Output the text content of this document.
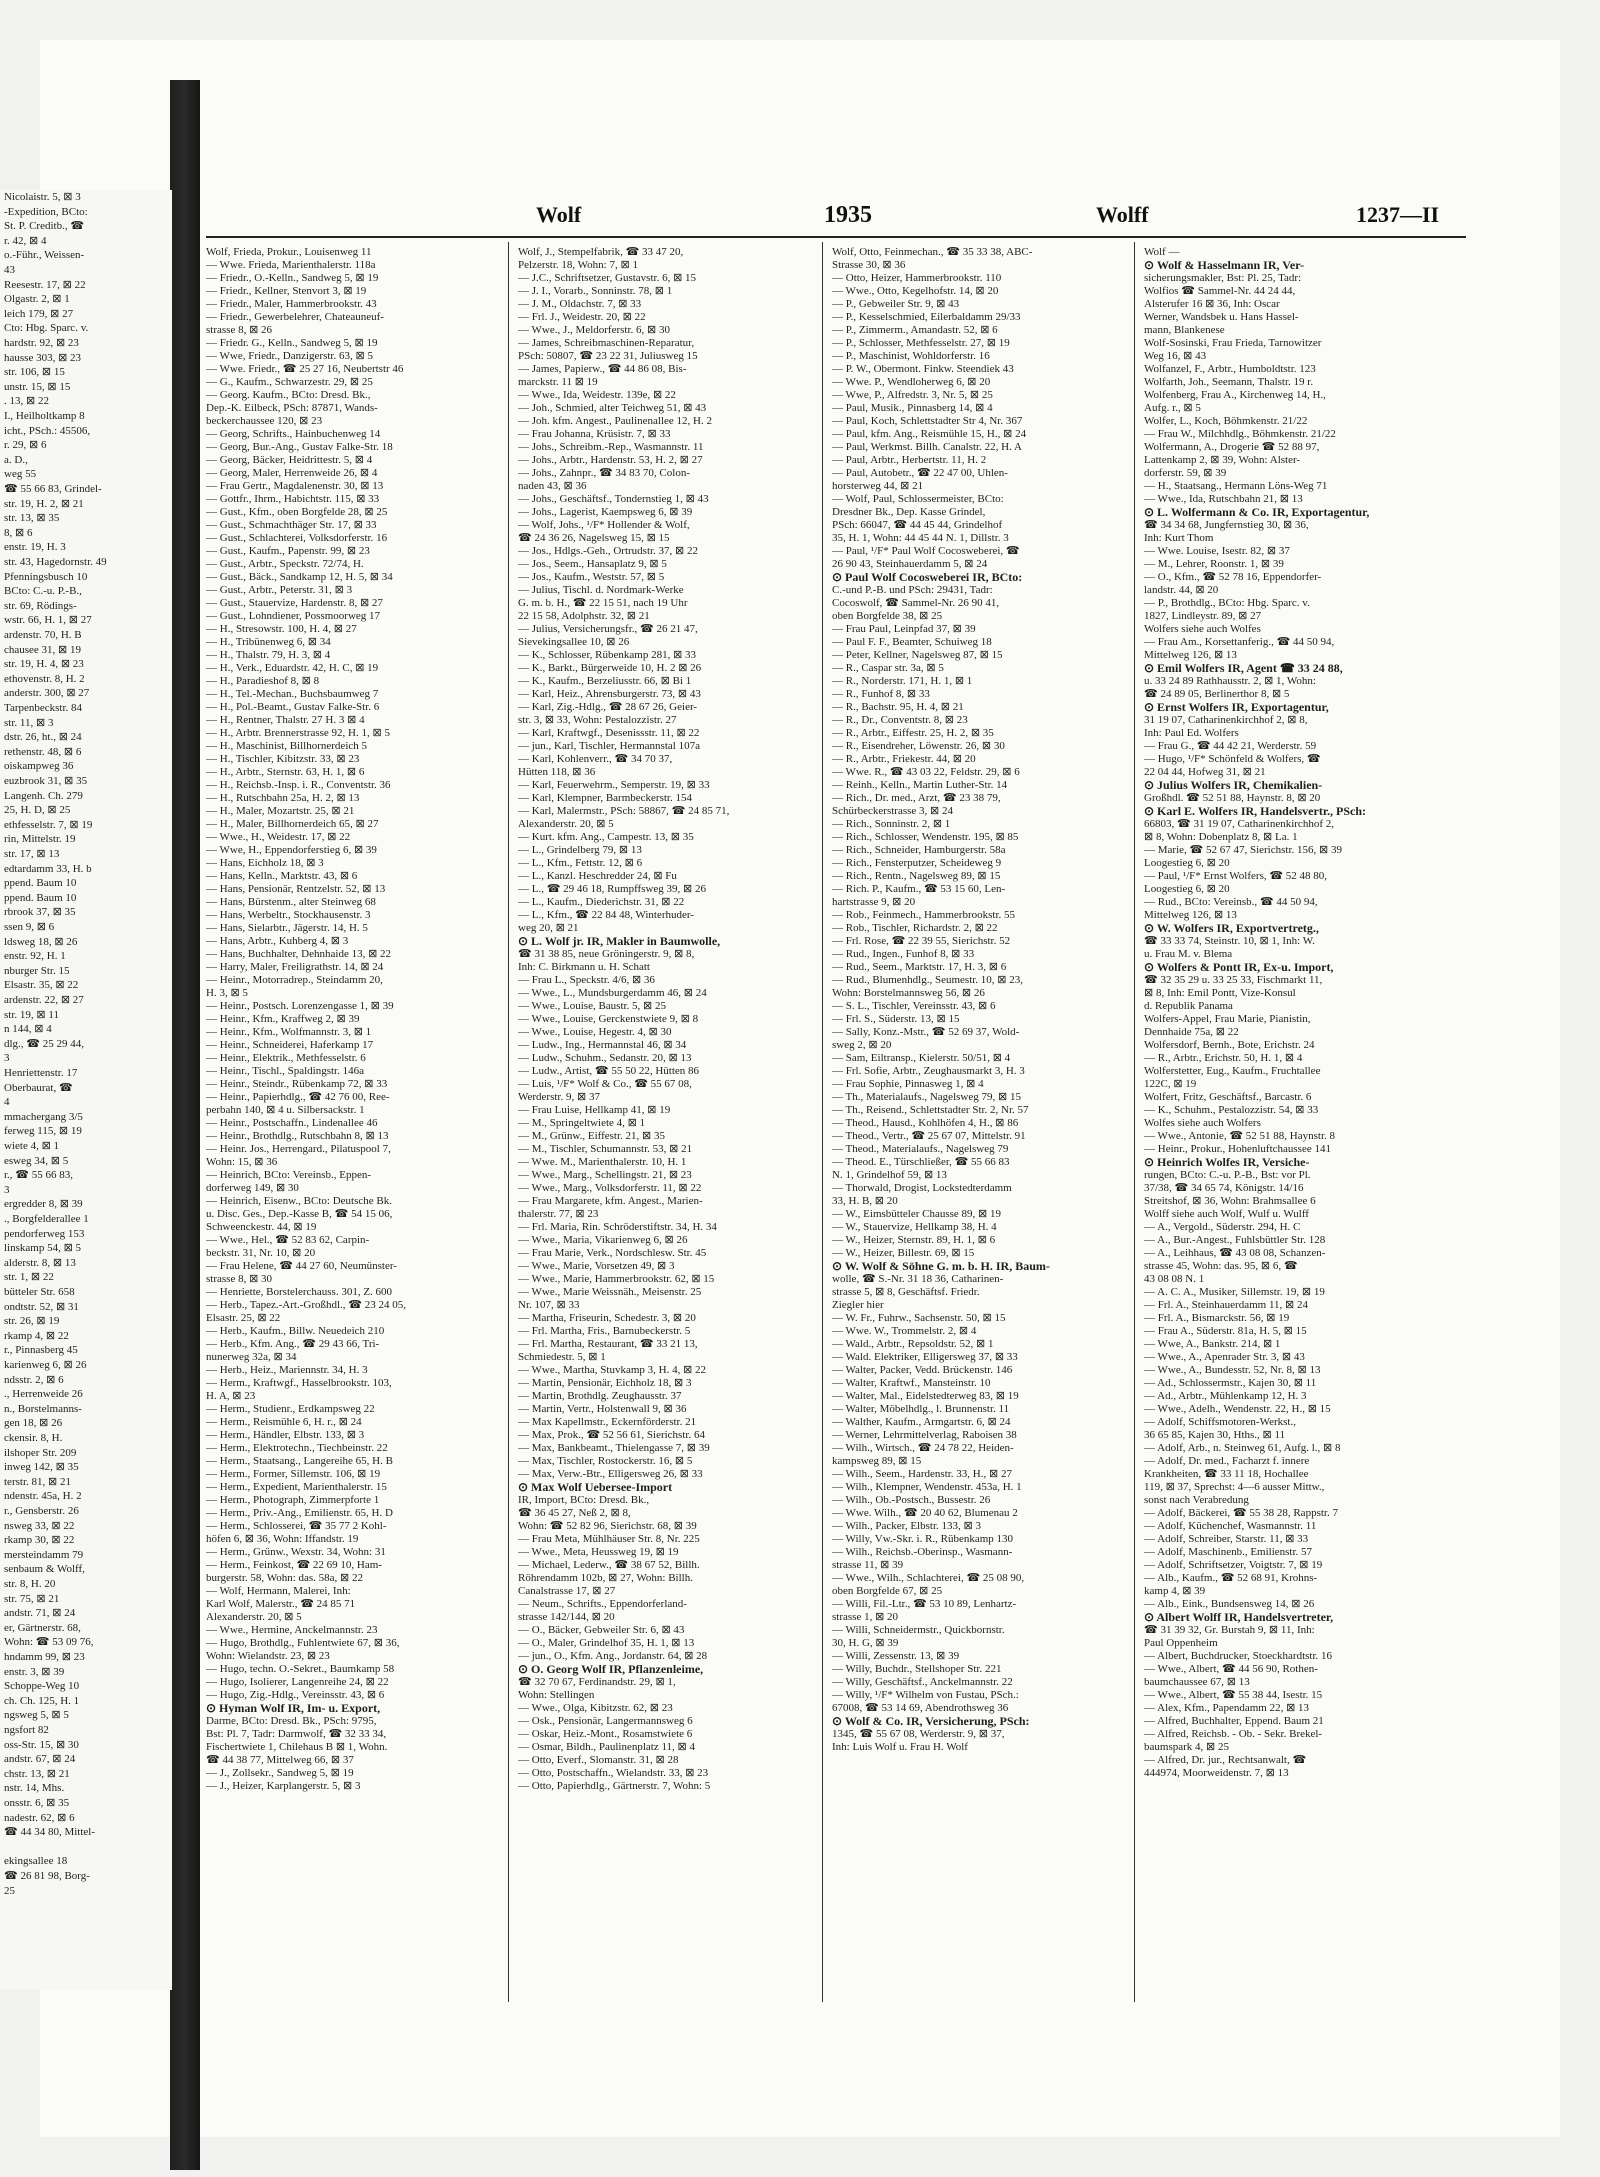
Nicolaistr. 5, ⊠ 3
-Expedition, BCto:
St. P. Creditb., ☎
r. 42, ⊠ 4
o.-Führ., Weissen-
43
Reesestr. 17, ⊠ 22
Olgastr. 2, ⊠ 1
leich 179, ⊠ 27
Cto: Hbg. Sparc. v.
hardstr. 92, ⊠ 23
hausse 303, ⊠ 23
str. 106, ⊠ 15
unstr. 15, ⊠ 15
. 13, ⊠ 22
I., Heilholtkamp 8
icht., PSch.: 45506,
r. 29, ⊠ 6
a. D.,
weg 55
☎ 55 66 83, Grindel-
str. 19, H. 2, ⊠ 21
str. 13, ⊠ 35
8, ⊠ 6
enstr. 19, H. 3
str. 43, Hagedornstr. 49
Pfenningsbusch 10
BCto: C.-u. P.-B.,
str. 69, Rödings-
wstr. 66, H. 1, ⊠ 27
ardenstr. 70, H. B
chausee 31, ⊠ 19
str. 19, H. 4, ⊠ 23
ethovenstr. 8, H. 2
anderstr. 300, ⊠ 27
Tarpenbeckstr. 84
str. 11, ⊠ 3
dstr. 26, ht., ⊠ 24
rethenstr. 48, ⊠ 6
oiskampweg 36
euzbrook 31, ⊠ 35
Langenh. Ch. 279
25, H. D, ⊠ 25
ethfesselstr. 7, ⊠ 19
rin, Mittelstr. 19
str. 17, ⊠ 13
edtardamm 33, H. b
ppend. Baum 10
ppend. Baum 10
rbrook 37, ⊠ 35
ssen 9, ⊠ 6
ldsweg 18, ⊠ 26
enstr. 92, H. 1
nburger Str. 15
Elsastr. 35, ⊠ 22
ardenstr. 22, ⊠ 27
str. 19, ⊠ 11
n 144, ⊠ 4
dlg., ☎ 25 29 44,
3
Henriettenstr. 17
Oberbaurat, ☎
4
mmachergang 3/5
ferweg 115, ⊠ 19
wiete 4, ⊠ 1
esweg 34, ⊠ 5
r., ☎ 55 66 83,
3
ergredder 8, ⊠ 39
., Borgfelderallee 1
pendorferweg 153
linskamp 54, ⊠ 5
alderstr. 8, ⊠ 13
str. 1, ⊠ 22
bütteler Str. 658
ondtstr. 52, ⊠ 31
str. 26, ⊠ 19
rkamp 4, ⊠ 22
r., Pinnasberg 45
karienweg 6, ⊠ 26
ndsstr. 2, ⊠ 6
., Herrenweide 26
n., Borstelmanns-
gen 18, ⊠ 26
ckensir. 8, H.
ilshoper Str. 209
inweg 142, ⊠ 35
terstr. 81, ⊠ 21
ndenstr. 45a, H. 2
r., Gensberstr. 26
nsweg 33, ⊠ 22
rkamp 30, ⊠ 22
mersteindamm 79
senbaum & Wolff,
str. 8, H. 20
str. 75, ⊠ 21
andstr. 71, ⊠ 24
er, Gärtnerstr. 68,
Wohn: ☎ 53 09 76,
hndamm 99, ⊠ 23
enstr. 3, ⊠ 39
Schoppe-Weg 10
ch. Ch. 125, H. 1
ngsweg 5, ⊠ 5
ngsfort 82
oss-Str. 15, ⊠ 30
andstr. 67, ⊠ 24
chstr. 13, ⊠ 21
nstr. 14, Mhs.
onsstr. 6, ⊠ 35
nadestr. 62, ⊠ 6
☎ 44 34 80, Mittel-
ekingsallee 18
☎ 26 81 98, Borg-
25
Wolf	1935	Wolff	1237—II

Wolf, Frieda, Prokur., Louisenweg 11

— Wwe. Frieda, Marienthalerstr. 118a

— Friedr., O.-Kelln., Sandweg 5, ⊠ 19

— Friedr., Kellner, Stenvort 3, ⊠ 19

— Friedr., Maler, Hammerbrookstr. 43

— Friedr., Gewerbelehrer, Chateauneuf-

strasse 8, ⊠ 26

— Friedr. G., Kelln., Sandweg 5, ⊠ 19

— Wwe, Friedr., Danzigerstr. 63, ⊠ 5

— Wwe. Friedr., ☎ 25 27 16, Neubertstr 46

— G., Kaufm., Schwarzestr. 29, ⊠ 25

— Georg. Kaufm., BCto: Dresd. Bk.,

Dep.-K. Eilbeck, PSch: 87871, Wands-

beckerchaussee 120, ⊠ 23

— Georg, Schrifts., Hainbuchenweg 14

— Georg, Bur.-Ang., Gustav Falke-Str. 18

— Georg, Bäcker, Heidrittestr. 5, ⊠ 4

— Georg, Maler, Herrenweide 26, ⊠ 4

— Frau Gertr., Magdalenenstr. 30, ⊠ 13

— Gottfr., Ihrm., Habichtstr. 115, ⊠ 33

— Gust., Kfm., oben Borgfelde 28, ⊠ 25

— Gust., Schmachthäger Str. 17, ⊠ 33

— Gust., Schlachterei, Volksdorferstr. 16

— Gust., Kaufm., Papenstr. 99, ⊠ 23

— Gust., Arbtr., Speckstr. 72/74, H.

— Gust., Bäck., Sandkamp 12, H. 5, ⊠ 34

— Gust., Arbtr., Peterstr. 31, ⊠ 3

— Gust., Stauervize, Hardenstr. 8, ⊠ 27

— Gust., Lohndiener, Possmoorweg 17

— H., Stresowstr. 100, H. 4, ⊠ 27

— H., Tribünenweg 6, ⊠ 34

— H., Thalstr. 79, H. 3, ⊠ 4

— H., Verk., Eduardstr. 42, H. C, ⊠ 19

— H., Paradieshof 8, ⊠ 8

— H., Tel.-Mechan., Buchsbaumweg 7

— H., Pol.-Beamt., Gustav Falke-Str. 6

— H., Rentner, Thalstr. 27 H. 3 ⊠ 4

— H., Arbtr. Brennerstrasse 92, H. 1, ⊠ 5

— H., Maschinist, Billhornerdeich 5

— H., Tischler, Kibitzstr. 33, ⊠ 23

— H., Arbtr., Sternstr. 63, H. 1, ⊠ 6

— H., Reichsb.-Insp. i. R., Conventstr. 36

— H., Rutschbahn 25a, H. 2, ⊠ 13

— H., Maler, Mozartstr. 25, ⊠ 21

— H., Maler, Billhornerdeich 65, ⊠ 27

— Wwe., H., Weidestr. 17, ⊠ 22

— Wwe, H., Eppendorferstieg 6, ⊠ 39

— Hans, Eichholz 18, ⊠ 3

— Hans, Kelln., Marktstr. 43, ⊠ 6

— Hans, Pensionär, Rentzelstr. 52, ⊠ 13

— Hans, Bürstenm., alter Steinweg 68

— Hans, Werbeltr., Stockhausenstr. 3

— Hans, Sielarbtr., Jägerstr. 14, H. 5

— Hans, Arbtr., Kuhberg 4, ⊠ 3

— Hans, Buchhalter, Dehnhaide 13, ⊠ 22

— Harry, Maler, Freiligrathstr. 14, ⊠ 24

— Heinr., Motorradrep., Steindamm 20,

H. 3, ⊠ 5

— Heinr., Postsch. Lorenzengasse 1, ⊠ 39

— Heinr., Kfm., Kraffweg 2, ⊠ 39

— Heinr., Kfm., Wolfmannstr. 3, ⊠ 1

— Heinr., Schneiderei, Haferkamp 17

— Heinr., Elektrik., Methfesselstr. 6

— Heinr., Tischl., Spaldingstr. 146a

— Heinr., Steindr., Rübenkamp 72, ⊠ 33

— Heinr., Papierhdlg., ☎ 42 76 00, Ree-

perbahn 140, ⊠ 4 u. Silbersackstr. 1

— Heinr., Postschaffn., Lindenallee 46

— Heinr., Brothdlg., Rutschbahn 8, ⊠ 13

— Heinr. Jos., Herrengard., Pilatuspool 7,

Wohn: 15, ⊠ 36

— Heinrich, BCto: Vereinsb., Eppen-

dorferweg 149, ⊠ 30

— Heinrich, Eisenw., BCto: Deutsche Bk.

u. Disc. Ges., Dep.-Kasse B, ☎ 54 15 06,

Schweenckestr. 44, ⊠ 19

— Wwe., Hel., ☎ 52 83 62, Carpin-

beckstr. 31, Nr. 10, ⊠ 20

— Frau Helene, ☎ 44 27 60, Neumünster-

strasse 8, ⊠ 30

— Henriette, Borstelerchauss. 301, Z. 600

— Herb., Tapez.-Art.-Großhdl., ☎ 23 24 05,

Elsastr. 25, ⊠ 22

— Herb., Kaufm., Billw. Neuedeich 210

— Herb., Kfm. Ang., ☎ 29 43 66, Tri-

nunerweg 32a, ⊠ 34

— Herb., Heiz., Mariennstr. 34, H. 3

— Herm., Kraftwgf., Hasselbrookstr. 103,

H. A, ⊠ 23

— Herm., Studienr., Erdkampsweg 22

— Herm., Reismühle 6, H. r., ⊠ 24

— Herm., Händler, Elbstr. 133, ⊠ 3

— Herm., Elektrotechn., Tiechbeinstr. 22

— Herm., Staatsang., Langereihe 65, H. B

— Herm., Former, Sillemstr. 106, ⊠ 19

— Herm., Expedient, Marienthalerstr. 15

— Herm., Photograph, Zimmerpforte 1

— Herm., Priv.-Ang., Emilienstr. 65, H. D

— Herm., Schlosserei, ☎ 35 77 2 Kohl-

höfen 6, ⊠ 36, Wohn: Iffandstr. 19

— Herm., Grünw., Wexstr. 34, Wohn: 31

— Herm., Feinkost, ☎ 22 69 10, Ham-

burgerstr. 58, Wohn: das. 58a, ⊠ 22

— Wolf, Hermann, Malerei, Inh:

Karl Wolf, Malerstr., ☎ 24 85 71

Alexanderstr. 20, ⊠ 5

— Wwe., Hermine, Anckelmannstr. 23

— Hugo, Brothdlg., Fuhlentwiete 67, ⊠ 36,

Wohn: Wielandstr. 23, ⊠ 23

— Hugo, techn. O.-Sekret., Baumkamp 58

— Hugo, Isolierer, Langenreihe 24, ⊠ 22

— Hugo, Zig.-Hdlg., Vereinsstr. 43, ⊠ 6

⊙ Hyman Wolf IR, Im- u. Export,

Darme, BCto: Dresd. Bk., PSch: 9795,

Bst: Pl. 7, Tadr: Darmwolf, ☎ 32 33 34,

Fischertwiete 1, Chilehaus B ⊠ 1, Wohn.

☎ 44 38 77, Mittelweg 66, ⊠ 37

— J., Zollsekr., Sandweg 5, ⊠ 19

— J., Heizer, Karplangerstr. 5, ⊠ 3

Wolf, J., Stempelfabrik, ☎ 33 47 20,

Pelzerstr. 18, Wohn: 7, ⊠ 1

— J.C., Schriftsetzer, Gustavstr. 6, ⊠ 15

— J. I., Vorarb., Sonninstr. 78, ⊠ 1

— J. M., Oldachstr. 7, ⊠ 33

— Frl. J., Weidestr. 20, ⊠ 22

— Wwe., J., Meldorferstr. 6, ⊠ 30

— James, Schreibmaschinen-Reparatur,

PSch: 50807, ☎ 23 22 31, Juliusweg 15

— James, Papierw., ☎ 44 86 08, Bis-

marckstr. 11 ⊠ 19

— Wwe., Ida, Weidestr. 139e, ⊠ 22

— Joh., Schmied, alter Teichweg 51, ⊠ 43

— Joh. kfm. Angest., Paulinenallee 12, H. 2

— Frau Johanna, Krüsistr. 7, ⊠ 33

— Johs., Schreibm.-Rep., Wasmannstr. 11

— Johs., Arbtr., Hardenstr. 53, H. 2, ⊠ 27

— Johs., Zahnpr., ☎ 34 83 70, Colon-

naden 43, ⊠ 36

— Johs., Geschäftsf., Tondernstieg 1, ⊠ 43

— Johs., Lagerist, Kaempsweg 6, ⊠ 39

— Wolf, Johs., ¹/F* Hollender & Wolf,

☎ 24 36 26, Nagelsweg 15, ⊠ 15

— Jos., Hdlgs.-Geh., Ortrudstr. 37, ⊠ 22

— Jos., Seem., Hansaplatz 9, ⊠ 5

— Jos., Kaufm., Weststr. 57, ⊠ 5

— Julius, Tischl. d. Nordmark-Werke

G. m. b. H., ☎ 22 15 51, nach 19 Uhr

22 15 58, Adolphstr. 32, ⊠ 21

— Julius, Versicherungsfr., ☎ 26 21 47,

Sievekingsallee 10, ⊠ 26

— K., Schlosser, Rübenkamp 281, ⊠ 33

— K., Barkt., Bürgerweide 10, H. 2 ⊠ 26

— K., Kaufm., Berzeliusstr. 66, ⊠ Bi 1

— Karl, Heiz., Ahrensburgerstr. 73, ⊠ 43

— Karl, Zig.-Hdlg., ☎ 28 67 26, Geier-

str. 3, ⊠ 33, Wohn: Pestalozzistr. 27

— Karl, Kraftwgf., Desenissstr. 11, ⊠ 22

— jun., Karl, Tischler, Hermannstal 107a

— Karl, Kohlenverr., ☎ 34 70 37,

Hütten 118, ⊠ 36

— Karl, Feuerwehrm., Semperstr. 19, ⊠ 33

— Karl, Klempner, Barmbeckerstr. 154

— Karl, Malermstr., PSch: 58867, ☎ 24 85 71,

Alexanderstr. 20, ⊠ 5

— Kurt. kfm. Ang., Campestr. 13, ⊠ 35

— L., Grindelberg 79, ⊠ 13

— L., Kfm., Fettstr. 12, ⊠ 6

— L., Kanzl. Heschredder 24, ⊠ Fu

— L., ☎ 29 46 18, Rumpffsweg 39, ⊠ 26

— L., Kaufm., Diederichstr. 31, ⊠ 22

— L., Kfm., ☎ 22 84 48, Winterhuder-

weg 20, ⊠ 21

⊙ L. Wolf jr. IR, Makler in Baumwolle,

☎ 31 38 85, neue Gröningerstr. 9, ⊠ 8,

Inh: C. Birkmann u. H. Schatt

— Frau L., Speckstr. 4/6, ⊠ 36

— Wwe., L., Mundsburgerdamm 46, ⊠ 24

— Wwe., Louise, Baustr. 5, ⊠ 25

— Wwe., Louise, Gerckenstwiete 9, ⊠ 8

— Wwe., Louise, Hegestr. 4, ⊠ 30

— Ludw., Ing., Hermannstal 46, ⊠ 34

— Ludw., Schuhm., Sedanstr. 20, ⊠ 13

— Ludw., Artist, ☎ 55 50 22, Hütten 86

— Luis, ¹/F* Wolf & Co., ☎ 55 67 08,

Werderstr. 9, ⊠ 37

— Frau Luise, Hellkamp 41, ⊠ 19

— M., Springeltwiete 4, ⊠ 1

— M., Grünw., Eiffestr. 21, ⊠ 35

— M., Tischler, Schumannstr. 53, ⊠ 21

— Wwe. M., Marienthalerstr. 10, H. 1

— Wwe., Marg., Schellingstr. 21, ⊠ 23

— Wwe., Marg., Volksdorferstr. 11, ⊠ 22

— Frau Margarete, kfm. Angest., Marien-

thalerstr. 77, ⊠ 23

— Frl. Maria, Rin. Schröderstiftstr. 34, H. 34

— Wwe., Maria, Vikarienweg 6, ⊠ 26

— Frau Marie, Verk., Nordschlesw. Str. 45

— Wwe., Marie, Vorsetzen 49, ⊠ 3

— Wwe., Marie, Hammerbrookstr. 62, ⊠ 15

— Wwe., Marie Weissnäh., Meisenstr. 25

Nr. 107, ⊠ 33

— Martha, Friseurin, Schedestr. 3, ⊠ 20

— Frl. Martha, Fris., Barnubeckerstr. 5

— Frl. Martha, Restaurant, ☎ 33 21 13,

Schmiedestr. 5, ⊠ 1

— Wwe., Martha, Stuvkamp 3, H. 4, ⊠ 22

— Martin, Pensionär, Eichholz 18, ⊠ 3

— Martin, Brothdlg. Zeughausstr. 37

— Martin, Vertr., Holstenwall 9, ⊠ 36

— Max Kapellmstr., Eckernförderstr. 21

— Max, Prok., ☎ 52 56 61, Sierichstr. 64

— Max, Bankbeamt., Thielengasse 7, ⊠ 39

— Max, Tischler, Rostockerstr. 16, ⊠ 5

— Max, Verw.-Btr., Elligersweg 26, ⊠ 33

⊙ Max Wolf Uebersee-Import

IR, Import, BCto: Dresd. Bk.,

☎ 36 45 27, Neß 2, ⊠ 8,

Wohn: ☎ 52 82 96, Sierichstr. 68, ⊠ 39

— Frau Meta, Mühlhäuser Str. 8, Nr. 225

— Wwe., Meta, Heussweg 19, ⊠ 19

— Michael, Lederw., ☎ 38 67 52, Billh.

Röhrendamm 102b, ⊠ 27, Wohn: Billh.

Canalstrasse 17, ⊠ 27

— Neum., Schrifts., Eppendorferland-

strasse 142/144, ⊠ 20

— O., Bäcker, Gebweiler Str. 6, ⊠ 43

— O., Maler, Grindelhof 35, H. 1, ⊠ 13

— jun., O., Kfm. Ang., Jordanstr. 64, ⊠ 28

⊙ O. Georg Wolf IR, Pflanzenleime,

☎ 32 70 67, Ferdinandstr. 29, ⊠ 1,

Wohn: Stellingen

— Wwe., Olga, Kibitzstr. 62, ⊠ 23

— Osk., Pensionär, Langermannsweg 6

— Oskar, Heiz.-Mont., Rosamstwiete 6

— Osmar, Bildh., Paulinenplatz 11, ⊠ 4

— Otto, Everf., Slomanstr. 31, ⊠ 28

— Otto, Postschaffn., Wielandstr. 33, ⊠ 23

— Otto, Papierhdlg., Gärtnerstr. 7, Wohn: 5

Wolf, Otto, Feinmechan., ☎ 35 33 38, ABC-

Strasse 30, ⊠ 36

— Otto, Heizer, Hammerbrookstr. 110

— Wwe., Otto, Kegelhofstr. 14, ⊠ 20

— P., Gebweiler Str. 9, ⊠ 43

— P., Kesselschmied, Eilerbaldamm 29/33

— P., Zimmerm., Amandastr. 52, ⊠ 6

— P., Schlosser, Methfesselstr. 27, ⊠ 19

— P., Maschinist, Wohldorferstr. 16

— P. W., Obermont. Finkw. Steendiek 43

— Wwe. P., Wendloherweg 6, ⊠ 20

— Wwe, P., Alfredstr. 3, Nr. 5, ⊠ 25

— Paul, Musik., Pinnasberg 14, ⊠ 4

— Paul, Koch, Schlettstadter Str 4, Nr. 367

— Paul, kfm. Ang., Reismühle 15, H., ⊠ 24

— Paul, Werkmst. Billh. Canalstr. 22, H. A

— Paul, Arbtr., Herbertstr. 11, H. 2

— Paul, Autobetr., ☎ 22 47 00, Uhlen-

horsterweg 44, ⊠ 21

— Wolf, Paul, Schlossermeister, BCto:

Dresdner Bk., Dep. Kasse Grindel,

PSch: 66047, ☎ 44 45 44, Grindelhof

35, H. 1, Wohn: 44 45 44 N. 1, Dillstr. 3

— Paul, ¹/F* Paul Wolf Cocosweberei, ☎

26 90 43, Steinhauerdamm 5, ⊠ 24

⊙ Paul Wolf Cocosweberei IR, BCto:

C.-und P.-B. und PSch: 29431, Tadr:

Cocoswolf, ☎ Sammel-Nr. 26 90 41,

oben Borgfelde 38, ⊠ 25

— Frau Paul, Leinpfad 37, ⊠ 39

— Paul F. F., Beamter, Schuiweg 18

— Peter, Kellner, Nagelsweg 87, ⊠ 15

— R., Caspar str. 3a, ⊠ 5

— R., Norderstr. 171, H. 1, ⊠ 1

— R., Funhof 8, ⊠ 33

— R., Bachstr. 95, H. 4, ⊠ 21

— R., Dr., Conventstr. 8, ⊠ 23

— R., Arbtr., Eiffestr. 25, H. 2, ⊠ 35

— R., Eisendreher, Löwenstr. 26, ⊠ 30

— R., Arbtr., Friekestr. 44, ⊠ 20

— Wwe. R., ☎ 43 03 22, Feldstr. 29, ⊠ 6

— Reinh., Kelln., Martin Luther-Str. 14

— Rich., Dr. med., Arzt, ☎ 23 38 79,

Schürbeckerstrasse 3, ⊠ 24

— Rich., Sonninstr. 2, ⊠ 1

— Rich., Schlosser, Wendenstr. 195, ⊠ 85

— Rich., Schneider, Hamburgerstr. 58a

— Rich., Fensterputzer, Scheideweg 9

— Rich., Rentn., Nagelsweg 89, ⊠ 15

— Rich. P., Kaufm., ☎ 53 15 60, Len-

hartstrasse 9, ⊠ 20

— Rob., Feinmech., Hammerbrookstr. 55

— Rob., Tischler, Richardstr. 2, ⊠ 22

— Frl. Rose, ☎ 22 39 55, Sierichstr. 52

— Rud., Ingen., Funhof 8, ⊠ 33

— Rud., Seem., Marktstr. 17, H. 3, ⊠ 6

— Rud., Blumenhdlg., Seumestr. 10, ⊠ 23,

Wohn: Borstelmannsweg 56, ⊠ 26

— S. L., Tischler, Vereinsstr. 43, ⊠ 6

— Frl. S., Süderstr. 13, ⊠ 15

— Sally, Konz.-Mstr., ☎ 52 69 37, Wold-

sweg 2, ⊠ 20

— Sam, Eiltransp., Kielerstr. 50/51, ⊠ 4

— Frl. Sofie, Arbtr., Zeughausmarkt 3, H. 3

— Frau Sophie, Pinnasweg 1, ⊠ 4

— Th., Materialaufs., Nagelsweg 79, ⊠ 15

— Th., Reisend., Schlettstadter Str. 2, Nr. 57

— Theod., Hausd., Kohlhöfen 4, H., ⊠ 86

— Theod., Vertr., ☎ 25 67 07, Mittelstr. 91

— Theod., Materialaufs., Nagelsweg 79

— Theod. E., Türschließer, ☎ 55 66 83

N. 1, Grindelhof 59, ⊠ 13

— Thorwald, Drogist, Lockstedterdamm

33, H. B, ⊠ 20

— W., Eimsbütteler Chausse 89, ⊠ 19

— W., Stauervize, Hellkamp 38, H. 4

— W., Heizer, Sternstr. 89, H. 1, ⊠ 6

— W., Heizer, Billestr. 69, ⊠ 15

⊙ W. Wolf & Söhne G. m. b. H. IR, Baum-

wolle, ☎ S.-Nr. 31 18 36, Catharinen-

strasse 5, ⊠ 8, Geschäftsf. Friedr.

Ziegler hier

— W. Fr., Fuhrw., Sachsenstr. 50, ⊠ 15

— Wwe. W., Trommelstr. 2, ⊠ 4

— Wald., Arbtr., Repsoldstr. 52, ⊠ 1

— Wald. Elektriker, Elligersweg 37, ⊠ 33

— Walter, Packer, Vedd. Brückenstr. 146

— Walter, Kraftwf., Mansteinstr. 10

— Walter, Mal., Eidelstedterweg 83, ⊠ 19

— Walter, Möbelhdlg., l. Brunnenstr. 11

— Walther, Kaufm., Armgartstr. 6, ⊠ 24

— Werner, Lehrmittelverlag, Raboisen 38

— Wilh., Wirtsch., ☎ 24 78 22, Heiden-

kampsweg 89, ⊠ 15

— Wilh., Seem., Hardenstr. 33, H., ⊠ 27

— Wilh., Klempner, Wendenstr. 453a, H. 1

— Wilh., Ob.-Postsch., Bussestr. 26

— Wwe. Wilh., ☎ 20 40 62, Blumenau 2

— Wilh., Packer, Elbstr. 133, ⊠ 3

— Willy, Vw.-Skr. i. R., Rübenkamp 130

— Wilh., Reichsb.-Oberinsp., Wasmann-

strasse 11, ⊠ 39

— Wwe., Wilh., Schlachterei, ☎ 25 08 90,

oben Borgfelde 67, ⊠ 25

— Willi, Fil.-Ltr., ☎ 53 10 89, Lenhartz-

strasse 1, ⊠ 20

— Willi, Schneidermstr., Quickbornstr.

30, H. G, ⊠ 39

— Willi, Zessenstr. 13, ⊠ 39

— Willy, Buchdr., Stellshoper Str. 221

— Willy, Geschäftsf., Anckelmannstr. 22

— Willy, ¹/F* Wilhelm von Fustau, PSch.:

67008, ☎ 53 14 69, Abendrothsweg 36

⊙ Wolf & Co. IR, Versicherung, PSch:

1345, ☎ 55 67 08, Werderstr. 9, ⊠ 37,

Inh: Luis Wolf u. Frau H. Wolf

Wolf —

⊙ Wolf & Hasselmann IR, Ver-

sicherungsmakler, Bst: Pl. 25, Tadr:

Wolfios ☎ Sammel-Nr. 44 24 44,

Alsterufer 16 ⊠ 36, Inh: Oscar

Werner, Wandsbek u. Hans Hassel-

mann, Blankenese

Wolf-Sosinski, Frau Frieda, Tarnowitzer

Weg 16, ⊠ 43

Wolfanzel, F., Arbtr., Humboldtstr. 123

Wolfarth, Joh., Seemann, Thalstr. 19 r.

Wolfenberg, Frau A., Kirchenweg 14, H.,

Aufg. r., ⊠ 5

Wolfer, L., Koch, Böhmkenstr. 21/22

— Frau W., Milchhdlg., Böhmkenstr. 21/22

Wolfermann, A., Drogerie ☎ 52 88 97,

Lattenkamp 2, ⊠ 39, Wohn: Alster-

dorferstr. 59, ⊠ 39

— H., Staatsang., Hermann Löns-Weg 71

— Wwe., Ida, Rutschbahn 21, ⊠ 13

⊙ L. Wolfermann & Co. IR, Exportagentur,

☎ 34 34 68, Jungfernstieg 30, ⊠ 36,

Inh: Kurt Thom

— Wwe. Louise, Isestr. 82, ⊠ 37

— M., Lehrer, Roonstr. 1, ⊠ 39

— O., Kfm., ☎ 52 78 16, Eppendorfer-

landstr. 44, ⊠ 20

— P., Brothdlg., BCto: Hbg. Sparc. v.

1827, Lindleystr. 89, ⊠ 27

Wolfers siehe auch Wolfes

— Frau Am., Korsettanferig., ☎ 44 50 94,

Mittelweg 126, ⊠ 13

⊙ Emil Wolfers IR, Agent ☎ 33 24 88,

u. 33 24 89 Rathhausstr. 2, ⊠ 1, Wohn:

☎ 24 89 05, Berlinerthor 8, ⊠ 5

⊙ Ernst Wolfers IR, Exportagentur,

31 19 07, Catharinenkirchhof 2, ⊠ 8,

Inh: Paul Ed. Wolfers

— Frau G., ☎ 44 42 21, Werderstr. 59

— Hugo, ¹/F* Schönfeld & Wolfers, ☎

22 04 44, Hofweg 31, ⊠ 21

⊙ Julius Wolfers IR, Chemikalien-

Großhdl. ☎ 52 51 88, Haynstr. 8, ⊠ 20

⊙ Karl E. Wolfers IR, Handelsvertr., PSch:

66803, ☎ 31 19 07, Catharinenkirchhof 2,

⊠ 8, Wohn: Dobenplatz 8, ⊠ La. 1

— Marie, ☎ 52 67 47, Sierichstr. 156, ⊠ 39

Loogestieg 6, ⊠ 20

— Paul, ¹/F* Ernst Wolfers, ☎ 52 48 80,

Loogestieg 6, ⊠ 20

— Rud., BCto: Vereinsb., ☎ 44 50 94,

Mittelweg 126, ⊠ 13

⊙ W. Wolfers IR, Exportvertretg.,

☎ 33 33 74, Steinstr. 10, ⊠ 1, Inh: W.

u. Frau M. v. Blema

⊙ Wolfers & Pontt IR, Ex-u. Import,

☎ 32 35 29 u. 33 25 33, Fischmarkt 11,

⊠ 8, Inh: Emil Pontt, Vize-Konsul

d. Republik Panama

Wolfers-Appel, Frau Marie, Pianistin,

Dennhaide 75a, ⊠ 22

Wolfersdorf, Bernh., Bote, Erichstr. 24

— R., Arbtr., Erichstr. 50, H. 1, ⊠ 4

Wolferstetter, Eug., Kaufm., Fruchtallee

122C, ⊠ 19

Wolfert, Fritz, Geschäftsf., Barcastr. 6

— K., Schuhm., Pestalozzistr. 54, ⊠ 33

Wolfes siehe auch Wolfers

— Wwe., Antonie, ☎ 52 51 88, Haynstr. 8

— Heinr., Prokur., Hohenluftchaussee 141

⊙ Heinrich Wolfes IR, Versiche-

rungen, BCto: C.-u. P.-B., Bst: vor Pl.

37/38, ☎ 34 65 74, Königstr. 14/16

Streitshof, ⊠ 36, Wohn: Brahmsallee 6

Wolff siehe auch Wolf, Wulf u. Wulff

— A., Vergold., Süderstr. 294, H. C

— A., Bur.-Angest., Fuhlsbüttler Str. 128

— A., Leihhaus, ☎ 43 08 08, Schanzen-

strasse 45, Wohn: das. 95, ⊠ 6, ☎

43 08 08 N. 1

— A. C. A., Musiker, Sillemstr. 19, ⊠ 19

— Frl. A., Steinhauerdamm 11, ⊠ 24

— Frl. A., Bismarckstr. 56, ⊠ 19

— Frau A., Süderstr. 81a, H. 5, ⊠ 15

— Wwe, A., Bankstr. 214, ⊠ 1

— Wwe., A., Apenrader Str. 3, ⊠ 43

— Wwe., A., Bundesstr. 52, Nr. 8, ⊠ 13

— Ad., Schlossermstr., Kajen 30, ⊠ 11

— Ad., Arbtr., Mühlenkamp 12, H. 3

— Wwe., Adelh., Wendenstr. 22, H., ⊠ 15

— Adolf, Schiffsmotoren-Werkst.,

36 65 85, Kajen 30, Hths., ⊠ 11

— Adolf, Arb., n. Steinweg 61, Aufg. l., ⊠ 8

— Adolf, Dr. med., Facharzt f. innere

Krankheiten, ☎ 33 11 18, Hochallee

119, ⊠ 37, Sprechst: 4—6 ausser Mittw.,

sonst nach Verabredung

— Adolf, Bäckerei, ☎ 55 38 28, Rappstr. 7

— Adolf, Küchenchef, Wasmannstr. 11

— Adolf, Schreiber, Starstr. 11, ⊠ 33

— Adolf, Maschinenb., Emilienstr. 57

— Adolf, Schriftsetzer, Voigtstr. 7, ⊠ 19

— Alb., Kaufm., ☎ 52 68 91, Krohns-

kamp 4, ⊠ 39

— Alb., Eink., Bundsensweg 14, ⊠ 26

⊙ Albert Wolff IR, Handelsvertreter,

☎ 31 39 32, Gr. Burstah 9, ⊠ 11, Inh:

Paul Oppenheim

— Albert, Buchdrucker, Stoeckhardtstr. 16

— Wwe., Albert, ☎ 44 56 90, Rothen-

baumchaussee 67, ⊠ 13

— Wwe., Albert, ☎ 55 38 44, Isestr. 15

— Alex, Kfm., Papendamm 22, ⊠ 13

— Alfred, Buchhalter, Eppend. Baum 21

— Alfred, Reichsb. - Ob. - Sekr. Brekel-

baumspark 4, ⊠ 25

— Alfred, Dr. jur., Rechtsanwalt, ☎

444974, Moorweidenstr. 7, ⊠ 13
